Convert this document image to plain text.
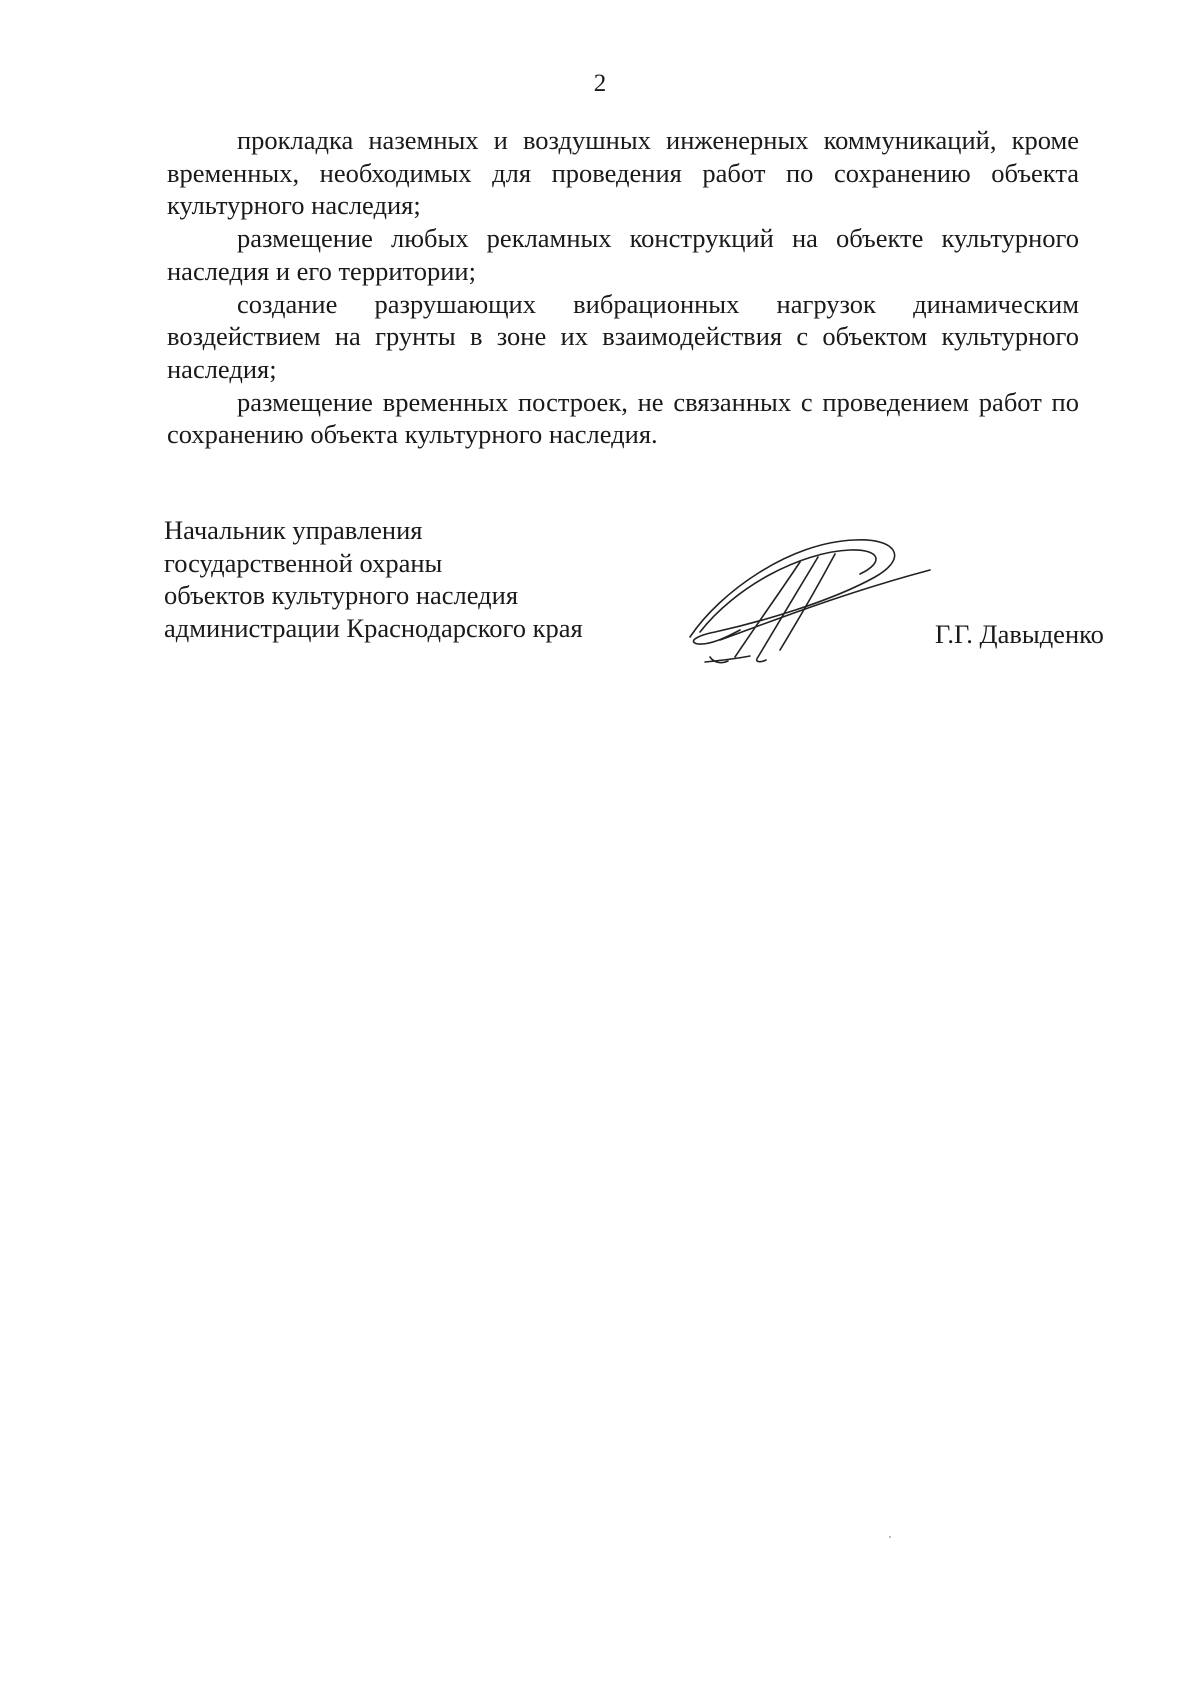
2

прокладка наземных и воздушных инженерных коммуникаций, кроме временных, необходимых для проведения работ по сохранению объекта культурного наследия;

размещение любых рекламных конструкций на объекте культурного наследия и его территории;

создание разрушающих вибрационных нагрузок динамическим воздействием на грунты в зоне их взаимодействия с объектом культурного наследия;

размещение временных построек, не связанных с проведением работ по сохранению объекта культурного наследия.

Начальник управления
государственной охраны
объектов культурного наследия
администрации Краснодарского края	Г.Г. Давыденко
